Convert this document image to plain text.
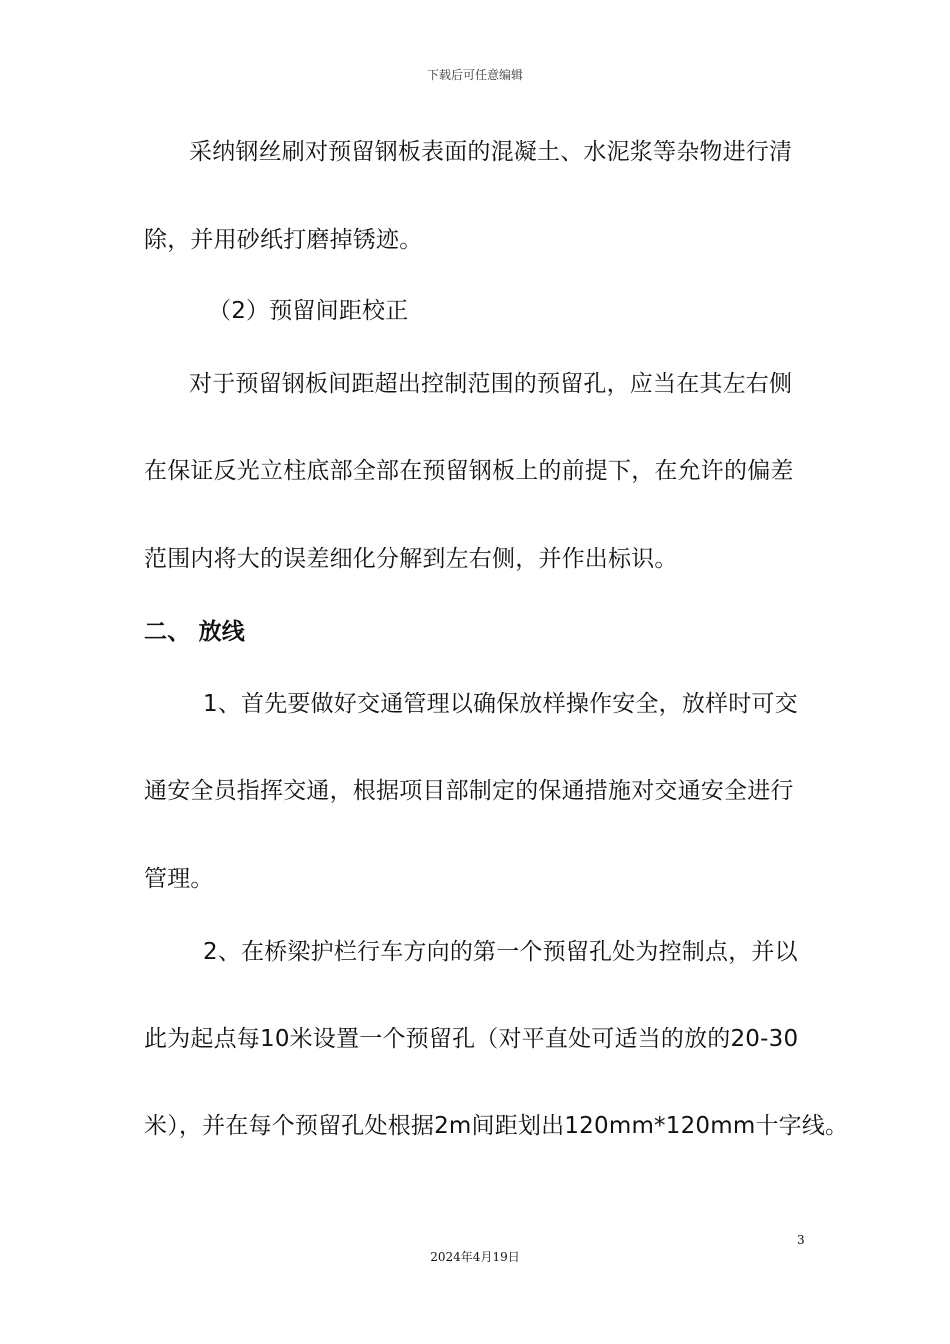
下载后可任意编辑
采纳钢丝刷对预留钢板表面的混凝土、水泥浆等杂物进行清
除，并用砂纸打磨掉锈迹。
（2）预留间距校正
对于预留钢板间距超出控制范围的预留孔，应当在其左右侧
在保证反光立柱底部全部在预留钢板上的前提下，在允许的偏差
范围内将大的误差细化分解到左右侧，并作出标识。
二、 放线
1、首先要做好交通管理以确保放样操作安全，放样时可交
通安全员指挥交通，根据项目部制定的保通措施对交通安全进行
管理。
2、在桥梁护栏行车方向的第一个预留孔处为控制点，并以
此为起点每10米设置一个预留孔（对平直处可适当的放的20-30
米），并在每个预留孔处根据2m间距划出120mm*120mm十字线。
3
2024年4月19日
